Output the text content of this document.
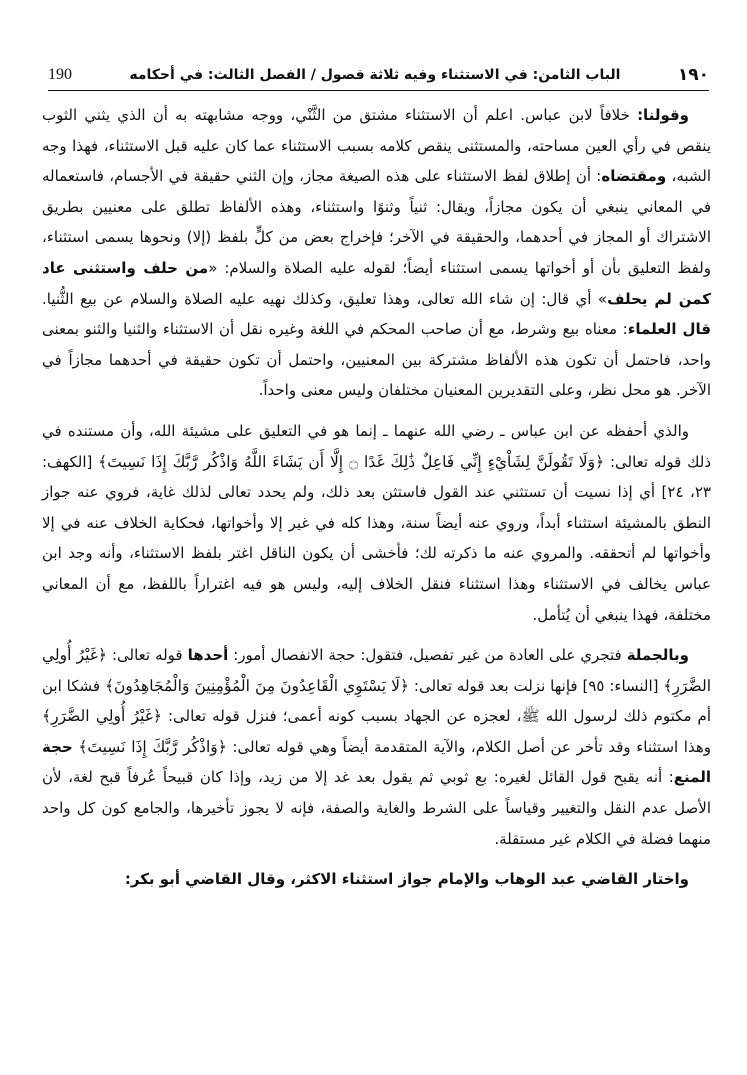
١٩٠
الباب الثامن: في الاستثناء وفيه ثلاثة فصول / الفصل الثالث: في أحكامه
190

وقولنا: خلافاً لابن عباس. اعلم أن الاستثناء مشتق من الثَّنْي، ووجه مشابهته به أن الذي يثني الثوب ينقص في رأي العين مساحته، والمستثنى ينقص كلامه بسبب الاستثناء عما كان عليه قبل الاستثناء، فهذا وجه الشبه، ومقتضاه: أن إطلاق لفظ الاستثناء على هذه الصيغة مجاز، وإن الثني حقيقة في الأجسام، فاستعماله في المعاني ينبغي أن يكون مجازاً، ويقال: ثنياً وثنوًا واستثناء، وهذه الألفاظ تطلق على معنيين بطريق الاشتراك أو المجاز في أحدهما، والحقيقة في الآخر؛ فإخراج بعض من كلٍّ بلفظ (إلا) ونحوها يسمى استثناء، ولفظ التعليق بأن أو أخواتها يسمى استثناء أيضاً؛ لقوله عليه الصلاة والسلام: «من حلف واستثنى عاد كمن لم يحلف» أي قال: إن شاء الله تعالى، وهذا تعليق، وكذلك نهيه عليه الصلاة والسلام عن بيع الثُّنيا. قال العلماء: معناه بيع وشرط، مع أن صاحب المحكم في اللغة وغيره نقل أن الاستثناء والثنيا والثنو بمعنى واحد، فاحتمل أن تكون هذه الألفاظ مشتركة بين المعنيين، واحتمل أن تكون حقيقة في أحدهما مجازاً في الآخر. هو محل نظر، وعلى التقديرين المعنيان مختلفان وليس معنى واحداً.

والذي أحفظه عن ابن عباس ـ رضي الله عنهما ـ إنما هو في التعليق على مشيئة الله، وأن مستنده في ذلك قوله تعالى: ﴿وَلَا تَقُولَنَّ لِشَاْيْءٍ إِنِّي فَاعِلٌ ذَٰلِكَ غَدًا ۝ إِلَّا أَن يَشَاءَ اللَّهُ وَاذْكُر رَّبَّكَ إِذَا نَسِيتَ﴾ [الكهف: ٢٣، ٢٤] أي إذا نسيت أن تستثني عند القول فاستثن بعد ذلك، ولم يحدد تعالى لذلك غاية، فروي عنه جواز النطق بالمشيئة استثناء أبداً، وروي عنه أيضاً سنة، وهذا كله في غير إلا وأخواتها، فحكاية الخلاف عنه في إلا وأخواتها لم أتحققه. والمروي عنه ما ذكرته لك؛ فأخشى أن يكون الناقل اغتر بلفظ الاستثناء، وأنه وجد ابن عباس يخالف في الاستثناء وهذا استثناء فنقل الخلاف إليه، وليس هو فيه اغتراراً باللفظ، مع أن المعاني مختلفة، فهذا ينبغي أن يُتأمل.

وبالجملة فتجري على العادة من غير تفصيل، فتقول: حجة الانفصال أمور: أحدها قوله تعالى: ﴿غَيْرُ أُولِي الضَّرَرِ﴾ [النساء: ٩٥] فإنها نزلت بعد قوله تعالى: ﴿لَا يَسْتَوِي الْقَاعِدُونَ مِنَ الْمُؤْمِنِينَ وَالْمُجَاهِدُونَ﴾ فشكا ابن أم مكتوم ذلك لرسول الله ﷺ، لعجزه عن الجهاد بسبب كونه أعمى؛ فنزل قوله تعالى: ﴿غَيْرُ أُولِي الضَّرَرِ﴾ وهذا استثناء وقد تأخر عن أصل الكلام، والآية المتقدمة أيضاً وهي قوله تعالى: ﴿وَاذْكُر رَّبَّكَ إِذَا نَسِيتَ﴾ حجة المنع: أنه يقبح قول القائل لغيره: بع ثوبي ثم يقول بعد غد إلا من زيد، وإذا كان قبيحاً عُرفاً قبح لغة، لأن الأصل عدم النقل والتغيير وقياساً على الشرط والغاية والصفة، فإنه لا يجوز تأخيرها، والجامع كون كل واحد منهما فضلة في الكلام غير مستقلة.

واختار القاضي عبد الوهاب والإمام جواز استثناء الاكثر، وقال القاضي أبو بكر:
